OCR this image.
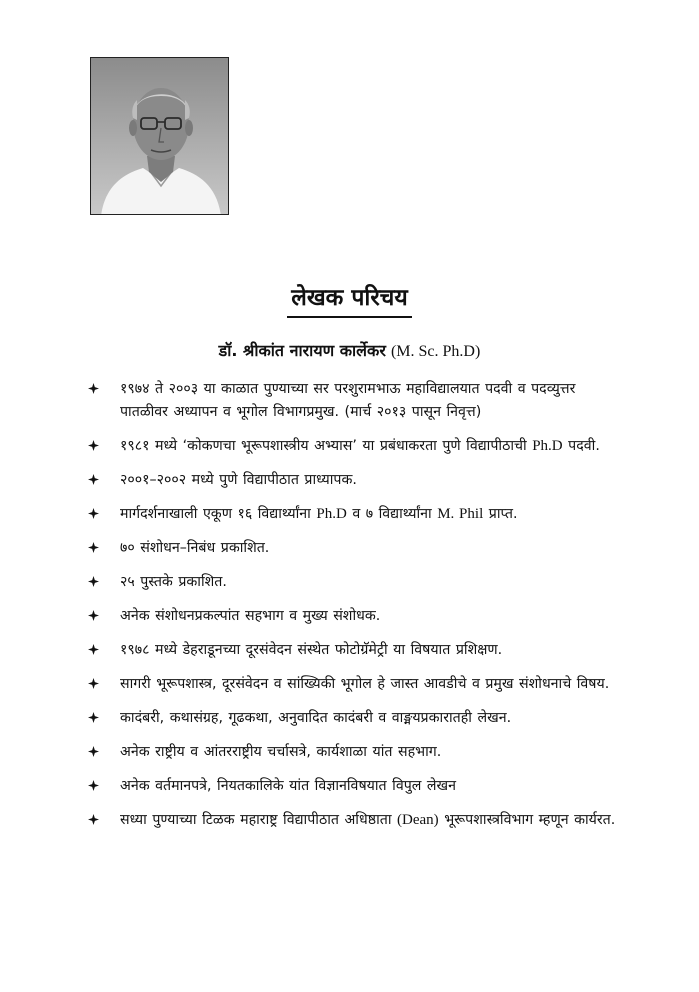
लेखक परिचय
डॉ. श्रीकांत नारायण कार्लेकर (M. Sc. Ph.D)
१९७४ ते २००३ या काळात पुण्याच्या सर परशुरामभाऊ महाविद्यालयात पदवी व पदव्युत्तर पातळीवर अध्यापन व भूगोल विभागप्रमुख. (मार्च २०१३ पासून निवृत्त)
१९८१ मध्ये ‘कोकणचा भूरूपशास्त्रीय अभ्यास’ या प्रबंधाकरता पुणे विद्यापीठाची Ph.D पदवी.
२००१–२००२ मध्ये पुणे विद्यापीठात प्राध्यापक.
मार्गदर्शनाखाली एकूण १६ विद्यार्थ्यांना Ph.D व ७ विद्यार्थ्यांना M. Phil प्राप्त.
७० संशोधन–निबंध प्रकाशित.
२५ पुस्तके प्रकाशित.
अनेक संशोधनप्रकल्पांत सहभाग व मुख्य संशोधक.
१९७८ मध्ये डेहराडूनच्या दूरसंवेदन संस्थेत फोटोग्रॅमेट्री या विषयात प्रशिक्षण.
सागरी भूरूपशास्त्र, दूरसंवेदन व सांख्यिकी भूगोल हे जास्त आवडीचे व प्रमुख संशोधनाचे विषय.
कादंबरी, कथासंग्रह, गूढकथा, अनुवादित कादंबरी व वाङ्मयप्रकारातही लेखन.
अनेक राष्ट्रीय व आंतरराष्ट्रीय चर्चासत्रे, कार्यशाळा यांत सहभाग.
अनेक वर्तमानपत्रे, नियतकालिके यांत विज्ञानविषयात विपुल लेखन
सध्या पुण्याच्या टिळक महाराष्ट्र विद्यापीठात अधिष्ठाता (Dean) भूरूपशास्त्रविभाग म्हणून कार्यरत.
